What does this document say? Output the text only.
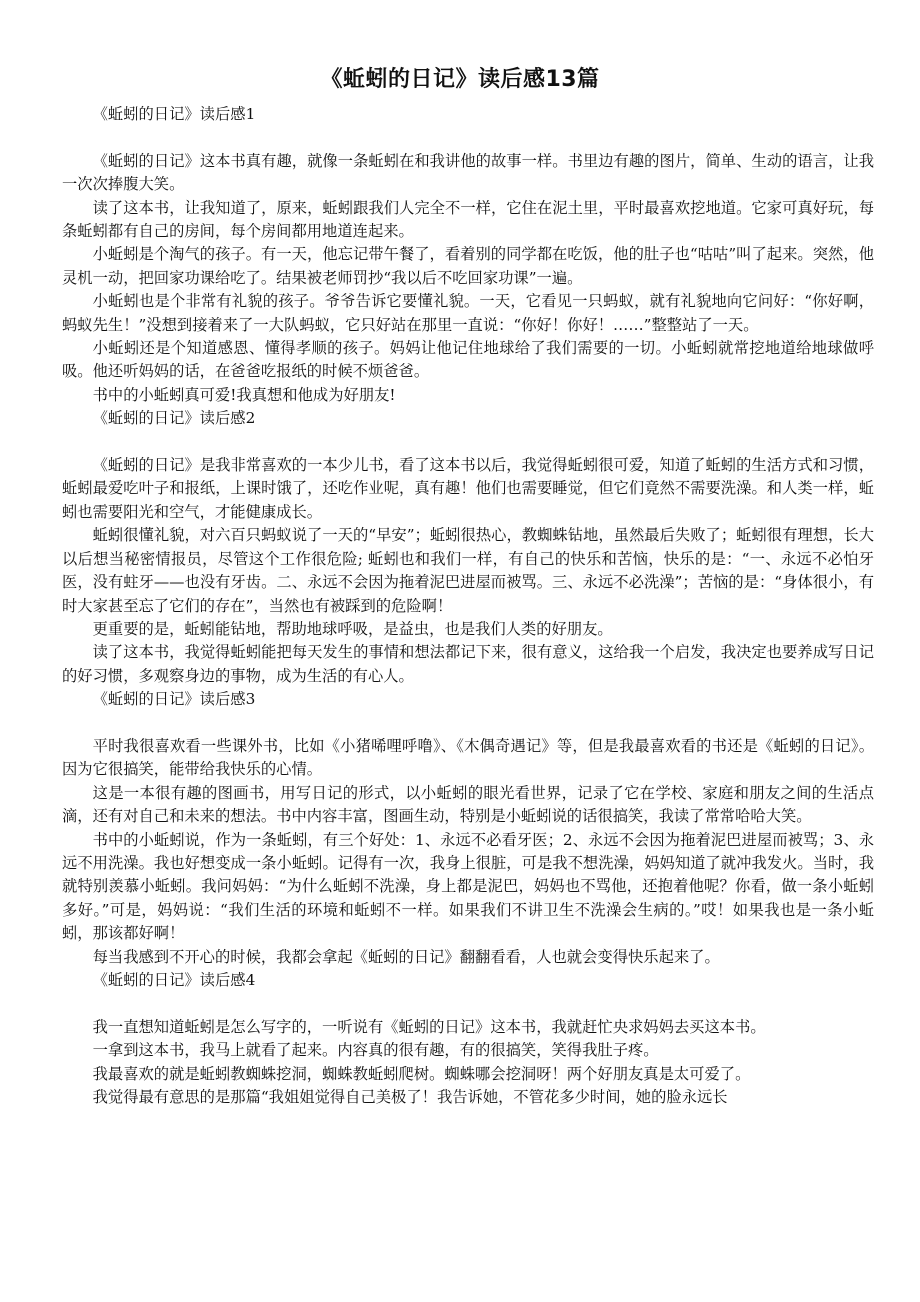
《蚯蚓的日记》读后感13篇

《蚯蚓的日记》读后感1

《蚯蚓的日记》这本书真有趣，就像一条蚯蚓在和我讲他的故事一样。书里边有趣的图片，简单、生动的语言，让我一次次捧腹大笑。

读了这本书，让我知道了，原来，蚯蚓跟我们人完全不一样，它住在泥土里，平时最喜欢挖地道。它家可真好玩，每条蚯蚓都有自己的房间，每个房间都用地道连起来。

小蚯蚓是个淘气的孩子。有一天，他忘记带午餐了，看着别的同学都在吃饭，他的肚子也“咕咕”叫了起来。突然，他灵机一动，把回家功课给吃了。结果被老师罚抄“我以后不吃回家功课”一遍。

小蚯蚓也是个非常有礼貌的孩子。爷爷告诉它要懂礼貌。一天，它看见一只蚂蚁，就有礼貌地向它问好：“你好啊，蚂蚁先生！”没想到接着来了一大队蚂蚁，它只好站在那里一直说：“你好！你好！……”整整站了一天。

小蚯蚓还是个知道感恩、懂得孝顺的孩子。妈妈让他记住地球给了我们需要的一切。小蚯蚓就常挖地道给地球做呼吸。他还听妈妈的话，在爸爸吃报纸的时候不烦爸爸。

书中的小蚯蚓真可爱!我真想和他成为好朋友!

《蚯蚓的日记》读后感2

《蚯蚓的日记》是我非常喜欢的一本少儿书，看了这本书以后，我觉得蚯蚓很可爱，知道了蚯蚓的生活方式和习惯，蚯蚓最爱吃叶子和报纸，上课时饿了，还吃作业呢，真有趣！他们也需要睡觉，但它们竟然不需要洗澡。和人类一样，蚯蚓也需要阳光和空气，才能健康成长。

蚯蚓很懂礼貌，对六百只蚂蚁说了一天的“早安”；蚯蚓很热心，教蜘蛛钻地，虽然最后失败了；蚯蚓很有理想，长大以后想当秘密情报员，尽管这个工作很危险; 蚯蚓也和我们一样，有自己的快乐和苦恼，快乐的是：“一、永远不必怕牙医，没有蛀牙——也没有牙齿。二、永远不会因为拖着泥巴进屋而被骂。三、永远不必洗澡”；苦恼的是：“身体很小，有时大家甚至忘了它们的存在”，当然也有被踩到的危险啊！

更重要的是，蚯蚓能钻地，帮助地球呼吸，是益虫，也是我们人类的好朋友。

读了这本书，我觉得蚯蚓能把每天发生的事情和想法都记下来，很有意义，这给我一个启发，我决定也要养成写日记的好习惯，多观察身边的事物，成为生活的有心人。

《蚯蚓的日记》读后感3

平时我很喜欢看一些课外书，比如《小猪唏哩呼噜》、《木偶奇遇记》等，但是我最喜欢看的书还是《蚯蚓的日记》。因为它很搞笑，能带给我快乐的心情。

这是一本很有趣的图画书，用写日记的形式，以小蚯蚓的眼光看世界，记录了它在学校、家庭和朋友之间的生活点滴，还有对自己和未来的想法。书中内容丰富，图画生动，特别是小蚯蚓说的话很搞笑，我读了常常哈哈大笑。

书中的小蚯蚓说，作为一条蚯蚓，有三个好处：1、永远不必看牙医；2、永远不会因为拖着泥巴进屋而被骂；3、永远不用洗澡。我也好想变成一条小蚯蚓。记得有一次，我身上很脏，可是我不想洗澡，妈妈知道了就冲我发火。当时，我就特别羡慕小蚯蚓。我问妈妈：“为什么蚯蚓不洗澡，身上都是泥巴，妈妈也不骂他，还抱着他呢？你看，做一条小蚯蚓多好。”可是，妈妈说：“我们生活的环境和蚯蚓不一样。如果我们不讲卫生不洗澡会生病的。”哎！如果我也是一条小蚯蚓，那该都好啊！

每当我感到不开心的时候，我都会拿起《蚯蚓的日记》翻翻看看，人也就会变得快乐起来了。

《蚯蚓的日记》读后感4

我一直想知道蚯蚓是怎么写字的，一听说有《蚯蚓的日记》这本书，我就赶忙央求妈妈去买这本书。

一拿到这本书，我马上就看了起来。内容真的很有趣，有的很搞笑，笑得我肚子疼。

我最喜欢的就是蚯蚓教蜘蛛挖洞，蜘蛛教蚯蚓爬树。蜘蛛哪会挖洞呀！两个好朋友真是太可爱了。

我觉得最有意思的是那篇“我姐姐觉得自己美极了！我告诉她，不管花多少时间，她的脸永远长
